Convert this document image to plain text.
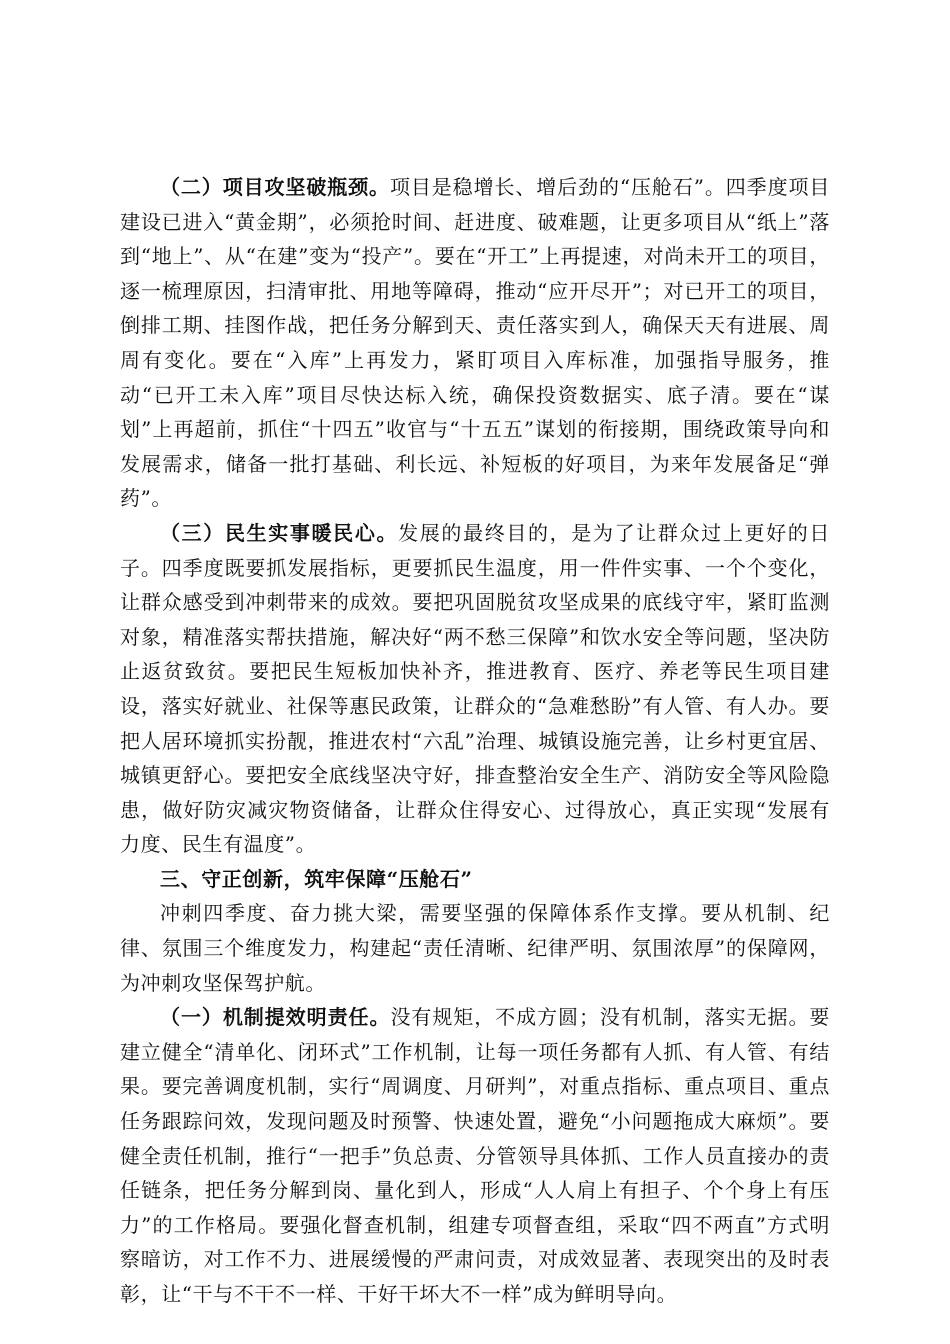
（二）项目攻坚破瓶颈。项目是稳增长、增后劲的“压舱石”。四季度项目建设已进入“黄金期”，必须抢时间、赶进度、破难题，让更多项目从“纸上”落到“地上”、从“在建”变为“投产”。要在“开工”上再提速，对尚未开工的项目，逐一梳理原因，扫清审批、用地等障碍，推动“应开尽开”；对已开工的项目，倒排工期、挂图作战，把任务分解到天、责任落实到人，确保天天有进展、周周有变化。要在“入库”上再发力，紧盯项目入库标准，加强指导服务，推动“已开工未入库”项目尽快达标入统，确保投资数据实、底子清。要在“谋划”上再超前，抓住“十四五”收官与“十五五”谋划的衔接期，围绕政策导向和发展需求，储备一批打基础、利长远、补短板的好项目，为来年发展备足“弹药”。

（三）民生实事暖民心。发展的最终目的，是为了让群众过上更好的日子。四季度既要抓发展指标，更要抓民生温度，用一件件实事、一个个变化，让群众感受到冲刺带来的成效。要把巩固脱贫攻坚成果的底线守牢，紧盯监测对象，精准落实帮扶措施，解决好“两不愁三保障”和饮水安全等问题，坚决防止返贫致贫。要把民生短板加快补齐，推进教育、医疗、养老等民生项目建设，落实好就业、社保等惠民政策，让群众的“急难愁盼”有人管、有人办。要把人居环境抓实扮靓，推进农村“六乱”治理、城镇设施完善，让乡村更宜居、城镇更舒心。要把安全底线坚决守好，排查整治安全生产、消防安全等风险隐患，做好防灾减灾物资储备，让群众住得安心、过得放心，真正实现“发展有力度、民生有温度”。

三、守正创新，筑牢保障“压舱石”

冲刺四季度、奋力挑大梁，需要坚强的保障体系作支撑。要从机制、纪律、氛围三个维度发力，构建起“责任清晰、纪律严明、氛围浓厚”的保障网，为冲刺攻坚保驾护航。

（一）机制提效明责任。没有规矩，不成方圆；没有机制，落实无据。要建立健全“清单化、闭环式”工作机制，让每一项任务都有人抓、有人管、有结果。要完善调度机制，实行“周调度、月研判”，对重点指标、重点项目、重点任务跟踪问效，发现问题及时预警、快速处置，避免“小问题拖成大麻烦”。要健全责任机制，推行“一把手”负总责、分管领导具体抓、工作人员直接办的责任链条，把任务分解到岗、量化到人，形成“人人肩上有担子、个个身上有压力”的工作格局。要强化督查机制，组建专项督查组，采取“四不两直”方式明察暗访，对工作不力、进展缓慢的严肃问责，对成效显著、表现突出的及时表彰，让“干与不干不一样、干好干坏大不一样”成为鲜明导向。
